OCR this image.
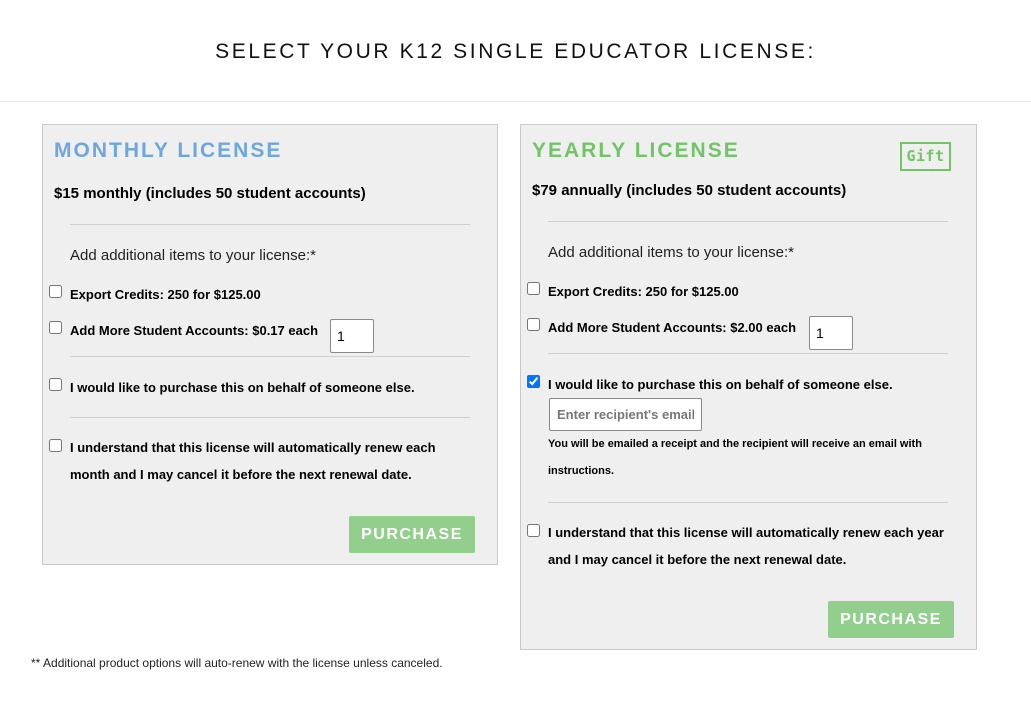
SELECT YOUR K12 SINGLE EDUCATOR LICENSE:
MONTHLY LICENSE
$15 monthly (includes 50 student accounts)
Add additional items to your license:*
Export Credits: 250 for $125.00
Add More Student Accounts: $0.17 each
1
I would like to purchase this on behalf of someone else.
I understand that this license will automatically renew each month and I may cancel it before the next renewal date.
PURCHASE
YEARLY LICENSE	Gift
$79 annually (includes 50 student accounts)
Add additional items to your license:*
Export Credits: 250 for $125.00
Add More Student Accounts: $2.00 each
1
I would like to purchase this on behalf of someone else.
Enter recipient's email
You will be emailed a receipt and the recipient will receive an email with instructions.
I understand that this license will automatically renew each year and I may cancel it before the next renewal date.
PURCHASE
** Additional product options will auto-renew with the license unless canceled.
